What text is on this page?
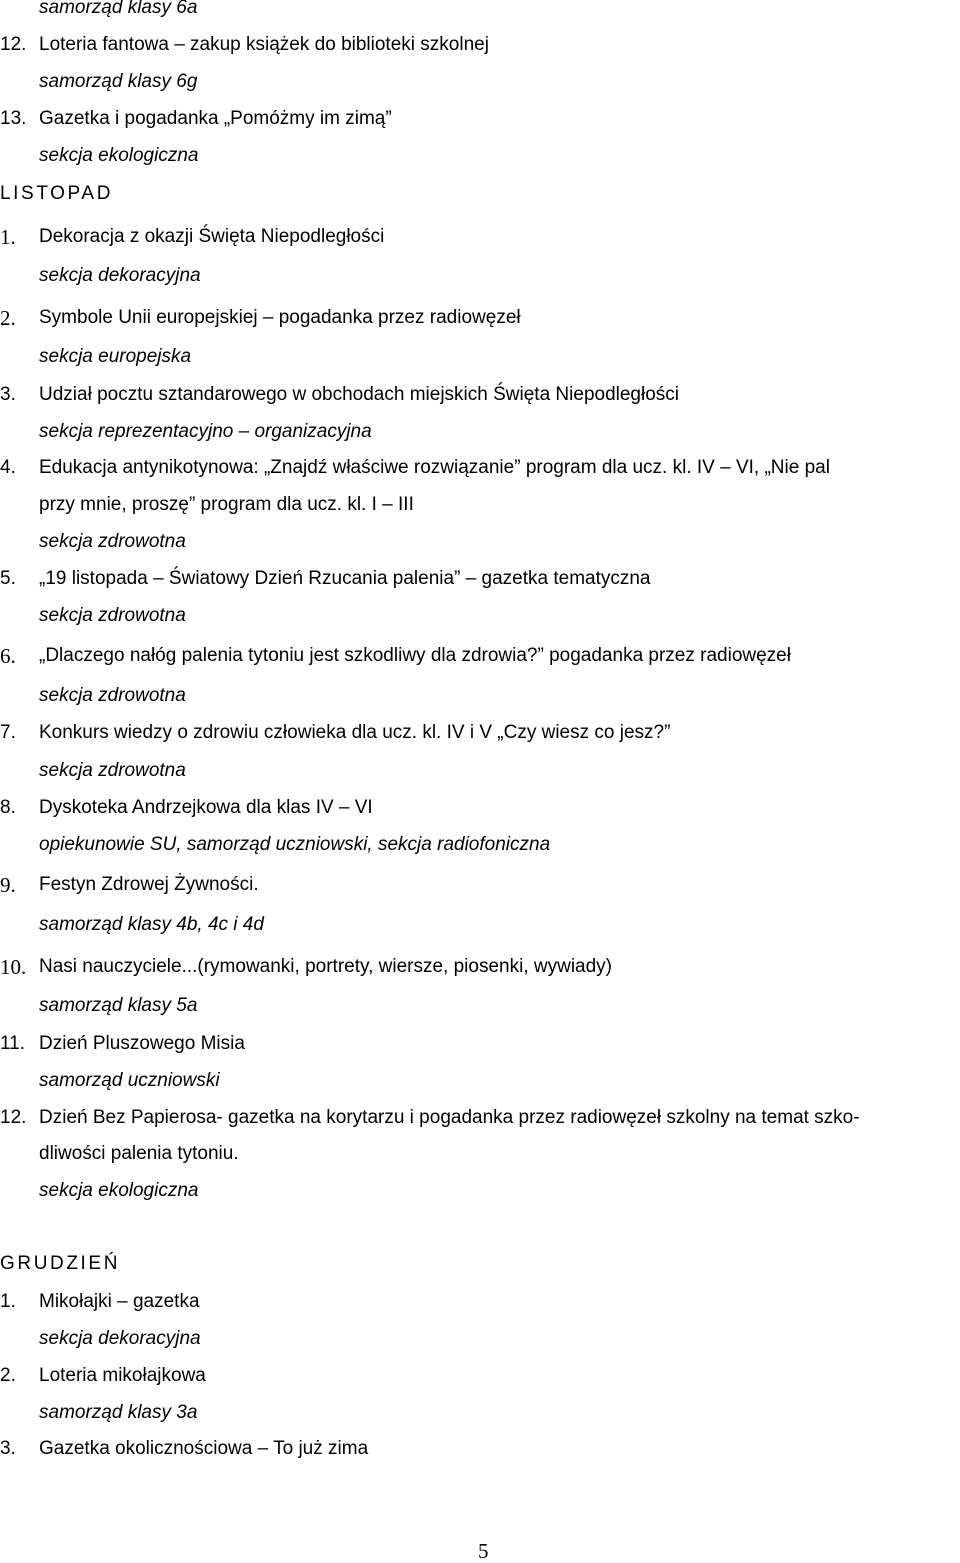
samorząd klasy 6a
12. Loteria fantowa – zakup książek do biblioteki szkolnej
samorząd klasy 6g
13. Gazetka i pogadanka „Pomóżmy im zimą”
sekcja ekologiczna
LISTOPAD
1. Dekoracja z okazji Święta Niepodległości
sekcja dekoracyjna
2. Symbole Unii europejskiej – pogadanka przez radiowęzeł
sekcja europejska
3. Udział pocztu sztandarowego w obchodach miejskich Święta Niepodległości
sekcja reprezentacyjno – organizacyjna
4. Edukacja antynikotynowa: „Znajdź właściwe rozwiązanie” program dla ucz. kl. IV – VI, „Nie pal
przy mnie, proszę” program dla ucz. kl. I – III
sekcja zdrowotna
5. „19 listopada – Światowy Dzień Rzucania palenia” – gazetka tematyczna
sekcja zdrowotna
6. „Dlaczego nałóg palenia tytoniu jest szkodliwy dla zdrowia?” pogadanka przez radiowęzeł
sekcja zdrowotna
7. Konkurs wiedzy o zdrowiu człowieka dla ucz. kl. IV i V „Czy wiesz co jesz?”
sekcja zdrowotna
8. Dyskoteka Andrzejkowa dla klas IV – VI
opiekunowie SU, samorząd uczniowski, sekcja radiofoniczna
9. Festyn Zdrowej Żywności.
samorząd klasy 4b, 4c i 4d
10. Nasi nauczyciele...(rymowanki, portrety, wiersze, piosenki, wywiady)
samorząd klasy 5a
11. Dzień Pluszowego Misia
samorząd uczniowski
12. Dzień Bez Papierosa- gazetka na korytarzu i pogadanka przez radiowęzeł szkolny na temat szko-
dliwości palenia tytoniu.
sekcja ekologiczna
GRUDZIEŃ
1. Mikołajki – gazetka
sekcja dekoracyjna
2. Loteria mikołajkowa
samorząd klasy 3a
3. Gazetka okolicznościowa – To już zima
5
